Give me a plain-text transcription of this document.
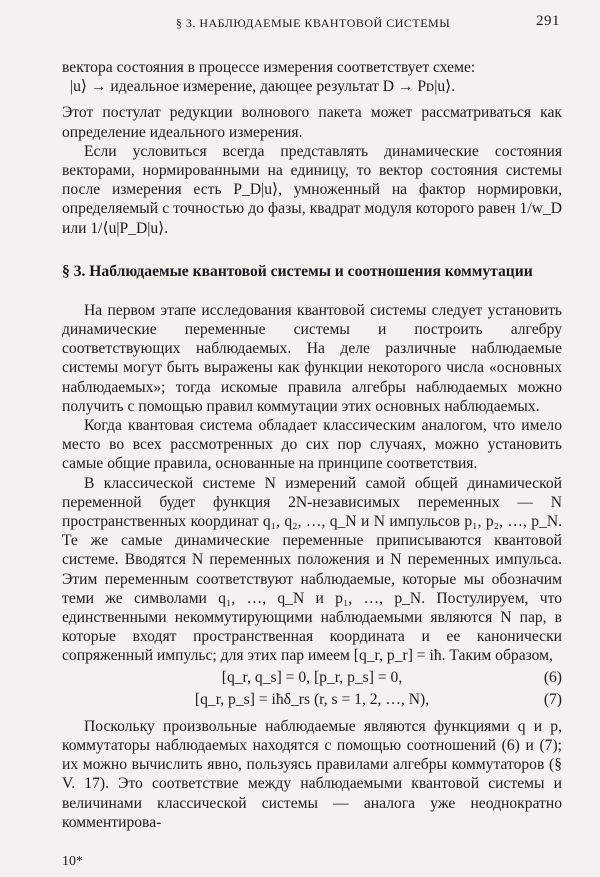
§ 3. НАБЛЮДАЕМЫЕ КВАНТОВОЙ СИСТЕМЫ	291

вектора состояния в процессе измерения соответствует схеме:

|u⟩ → идеальное измерение, дающее результат D → Pᴅ|u⟩.

Этот постулат редукции волнового пакета может рассматриваться как определение идеального измерения.

Если условиться всегда представлять динамические состояния векторами, нормированными на единицу, то вектор состояния системы после измерения есть P_D|u⟩, умноженный на фактор нормировки, определяемый с точностью до фазы, квадрат модуля которого равен 1/w_D или 1/⟨u|P_D|u⟩.

§ 3. Наблюдаемые квантовой системы и соотношения коммутации

На первом этапе исследования квантовой системы следует установить динамические переменные системы и построить алгебру соответствующих наблюдаемых. На деле различные наблюдаемые системы могут быть выражены как функции некоторого числа «основных наблюдаемых»; тогда искомые правила алгебры наблюдаемых можно получить с помощью правил коммутации этих основных наблюдаемых.

Когда квантовая система обладает классическим аналогом, что имело место во всех рассмотренных до сих пор случаях, можно установить самые общие правила, основанные на принципе соответствия.

В классической системе N измерений самой общей динамической переменной будет функция 2N-независимых переменных — N пространственных координат q₁, q₂, …, q_N и N импульсов p₁, p₂, …, p_N. Те же самые динамические переменные приписываются квантовой системе. Вводятся N переменных положения и N переменных импульса. Этим переменным соответствуют наблюдаемые, которые мы обозначим теми же символами q₁, …, q_N и p₁, …, p_N. Постулируем, что единственными некоммутирующими наблюдаемыми являются N пар, в которые входят пространственная координата и ее канонически сопряженный импульс; для этих пар имеем [q_r, p_r] = iħ. Таким образом,

[q_r, q_s] = 0, [p_r, p_s] = 0,	(6)
[q_r, p_s] = iħδ_rs (r, s = 1, 2, …, N),	(7)

Поскольку произвольные наблюдаемые являются функциями q и p, коммутаторы наблюдаемых находятся с помощью соотношений (6) и (7); их можно вычислить явно, пользуясь правилами алгебры коммутаторов (§ V. 17). Это соответствие между наблюдаемыми квантовой системы и величинами классической системы — аналога уже неоднократно комментирова-

10*
